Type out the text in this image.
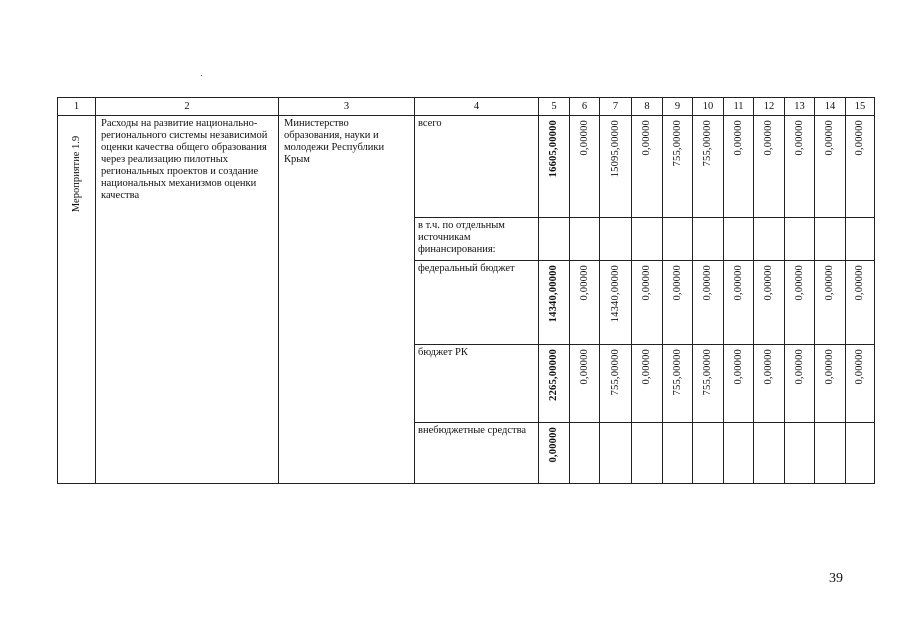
1	2	3	4	5	6	7	8	9	10	11	12	13	14	15

Мероприятие 1.9	Расходы на развитие национально-регионального системы независимой оценки качества общего образования через реализацию пилотных региональных проектов и создание национальных механизмов оценки качества	Министерство образования, науки и молодежи Республики Крым	всего	16605,00000	0,00000	15095,00000	0,00000	755,00000	755,00000	0,00000	0,00000	0,00000	0,00000	0,00000

			в т.ч. по отдельным источникам финансирования:											
			федеральный бюджет	14340,00000	0,00000	14340,00000	0,00000	0,00000	0,00000	0,00000	0,00000	0,00000	0,00000	0,00000

			бюджет РК	2265,00000	0,00000	755,00000	0,00000	755,00000	755,00000	0,00000	0,00000	0,00000	0,00000	0,00000

			внебюджетные средства	0,00000										

39
